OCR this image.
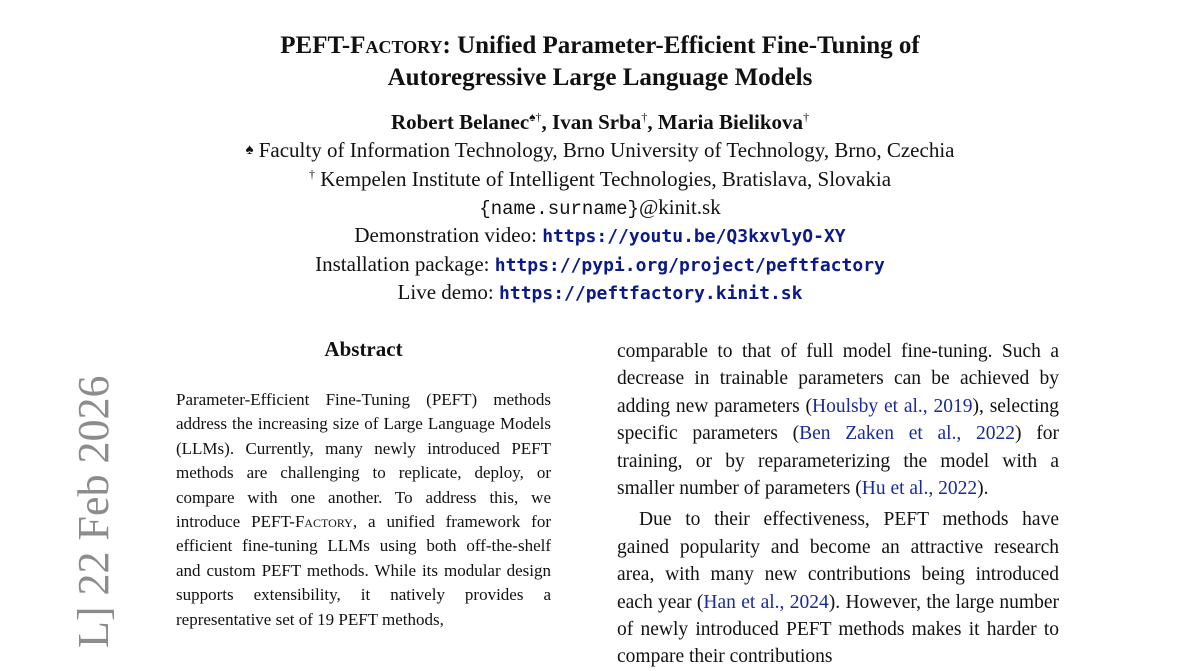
L] 22 Feb 2026
PEFT-Factory: Unified Parameter-Efficient Fine-Tuning of
Autoregressive Large Language Models
Robert Belanec♠†, Ivan Srba†, Maria Bielikova†
♠ Faculty of Information Technology, Brno University of Technology, Brno, Czechia
† Kempelen Institute of Intelligent Technologies, Bratislava, Slovakia
{name.surname}@kinit.sk
Demonstration video: https://youtu.be/Q3kxvlyO-XY
Installation package: https://pypi.org/project/peftfactory
Live demo: https://peftfactory.kinit.sk
Abstract
Parameter-Efficient Fine-Tuning (PEFT) methods address the increasing size of Large Language Models (LLMs). Currently, many newly introduced PEFT methods are challenging to replicate, deploy, or compare with one another. To address this, we introduce PEFT-Factory, a unified framework for efficient fine-tuning LLMs using both off-the-shelf and custom PEFT methods. While its modular design supports extensibility, it natively provides a representative set of 19 PEFT methods,

comparable to that of full model fine-tuning. Such a decrease in trainable parameters can be achieved by adding new parameters (Houlsby et al., 2019), selecting specific parameters (Ben Zaken et al., 2022) for training, or by reparameterizing the model with a smaller number of parameters (Hu et al., 2022).

Due to their effectiveness, PEFT methods have gained popularity and become an attractive research area, with many new contributions being introduced each year (Han et al., 2024). However, the large number of newly introduced PEFT methods makes it harder to compare their contributions
